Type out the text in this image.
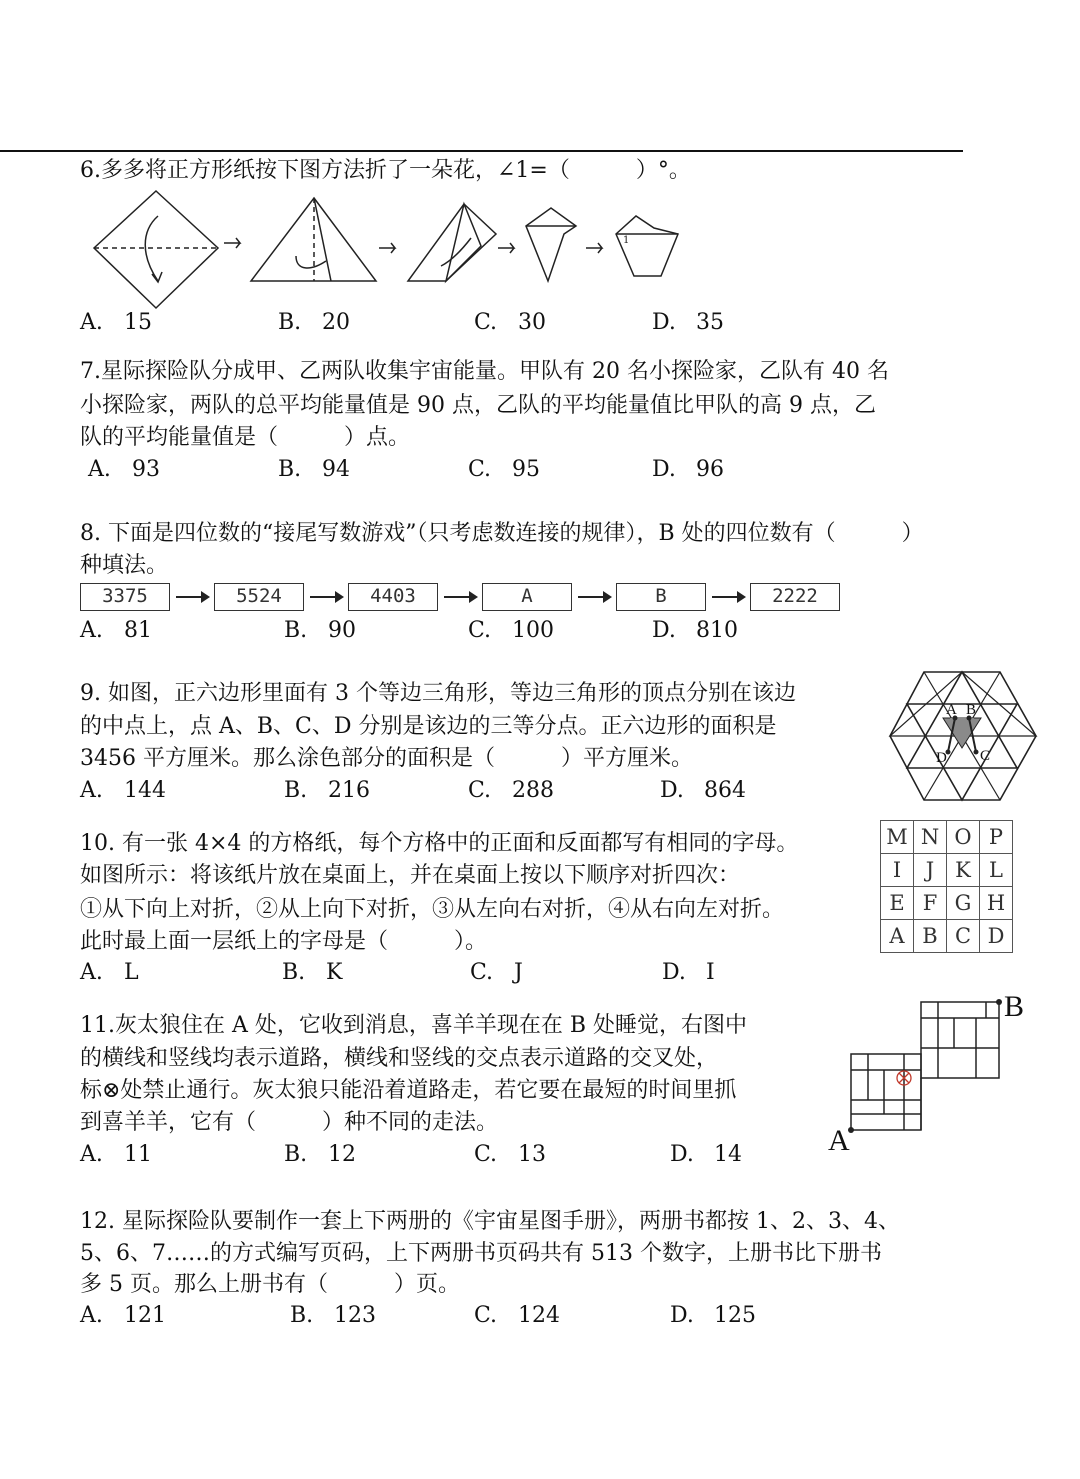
6.多多将正方形纸按下图方法折了一朵花，∠1=（　　　）°。
1
A. 15	B. 20	C. 30	D. 35
7.星际探险队分成甲、乙两队收集宇宙能量。甲队有 20 名小探险家，乙队有 40 名
小探险家，两队的总平均能量值是 90 点，乙队的平均能量值比甲队的高 9 点，乙
队的平均能量值是（　　　）点。
A. 93	B. 94	C. 95	D. 96
8. 下面是四位数的“接尾写数游戏”（只考虑数连接的规律），B 处的四位数有（　　　）
种填法。
3375	5524	4403	A	B	2222
A. 81	B. 90	C. 100	D. 810
9. 如图，正六边形里面有 3 个等边三角形，等边三角形的顶点分别在该边
的中点上，点 A、B、C、D 分别是该边的三等分点。正六边形的面积是
3456 平方厘米。那么涂色部分的面积是（　　　）平方厘米。
A B
C
D
A. 144	B. 216	C. 288	D. 864
10. 有一张 4×4 的方格纸，每个方格中的正面和反面都写有相同的字母。
如图所示：将该纸片放在桌面上，并在桌面上按以下顺序对折四次：
①从下向上对折，②从上向下对折，③从左向右对折，④从右向左对折。
此时最上面一层纸上的字母是（　　　）。
M	N	O	P
I	J	K	L
E	F	G	H
A	B	C	D
A. L	B. K	C. J	D. I
11.灰太狼住在 A 处，它收到消息，喜羊羊现在在 B 处睡觉，右图中
的横线和竖线均表示道路，横线和竖线的交点表示道路的交叉处，
标⊗处禁止通行。灰太狼只能沿着道路走，若它要在最短的时间里抓
到喜羊羊，它有（　　　）种不同的走法。
A
B
A. 11	B. 12	C. 13	D. 14
12. 星际探险队要制作一套上下两册的《宇宙星图手册》，两册书都按 1、2、3、4、
5、6、7……的方式编写页码，上下两册书页码共有 513 个数字，上册书比下册书
多 5 页。那么上册书有（　　　）页。
A. 121	B. 123	C. 124	D. 125
